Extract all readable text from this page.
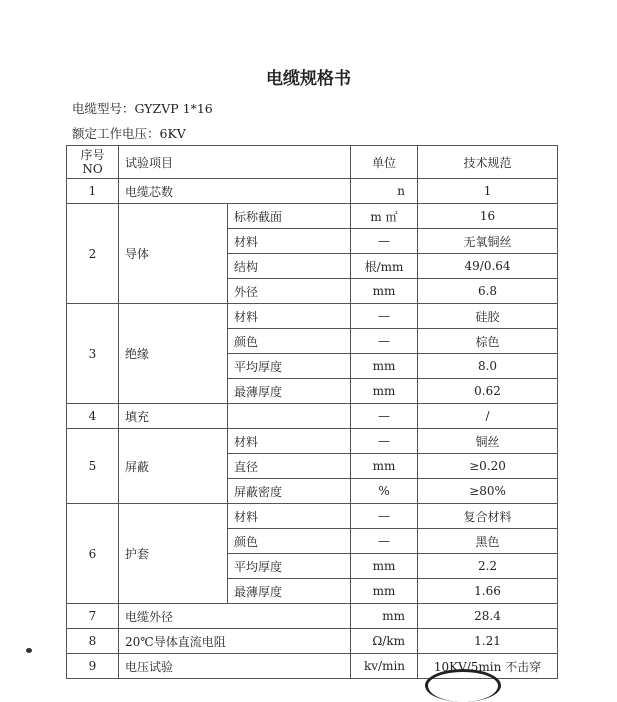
电缆规格书
电缆型号：GYZVP 1*16
额定工作电压：6KV
序号
NO	试验项目		单位	技术规范
1	电缆芯数		n	1
2	导体	标称截面	m ㎡	16
		材料	—	无氧铜丝
		结构	根/mm	49/0.64
		外径	mm	6.8
3	绝缘	材料	—	硅胶
		颜色	—	棕色
		平均厚度	mm	8.0
		最薄厚度	mm	0.62
4	填充		—	/
5	屏蔽	材料	—	铜丝
		直径	mm	≥0.20
		屏蔽密度	%	≥80%
6	护套	材料	—	复合材料
		颜色	—	黑色
		平均厚度	mm	2.2
		最薄厚度	mm	1.66
7	电缆外径		mm	28.4
8	20℃导体直流电阻		Ω/km	1.21
9	电压试验		kv/min	10KV/5min 不击穿
